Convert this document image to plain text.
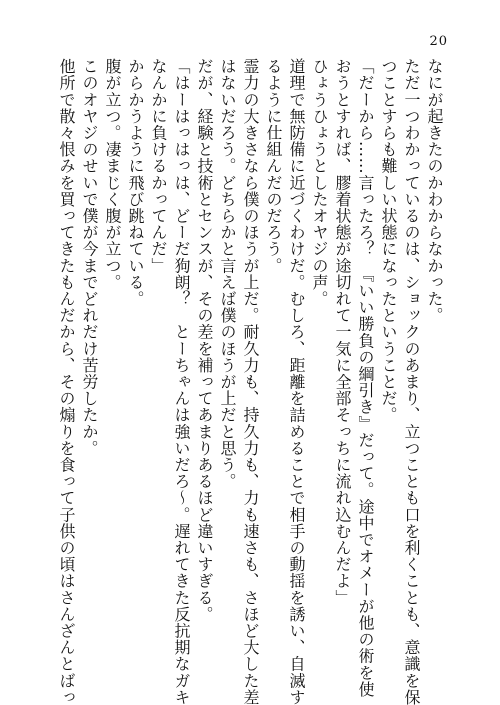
20
なにが起きたのかわからなかった。
ただ一つわかっているのは、ショックのあまり、立つことも口を利くことも、意識を保
つことすらも難しい状態になったということだ。
「だーから……言ったろ？　『いい勝負の綱引き』だって。途中でオメーが他の術を使
おうとすれば、膠着状態が途切れて一気に全部そっちに流れ込むんだよ」
ひょうひょうとしたオヤジの声。
道理で無防備に近づくわけだ。むしろ、距離を詰めることで相手の動揺を誘い、自滅す
るように仕組んだのだろう。
霊力の大きさなら僕のほうが上だ。耐久力も、持久力も、力も速さも、さほど大した差
はないだろう。どちらかと言えば僕のほうが上だと思う。
だが、経験と技術とセンスが、その差を補ってあまりあるほど違いすぎる。
「はーはっはっは、どーだ狗朗？　とーちゃんは強いだろ〜。遅れてきた反抗期なガキ
なんかに負けるかってんだ」
からかうように飛び跳ねている。
腹が立つ。凄まじく腹が立つ。
このオヤジのせいで僕が今までどれだけ苦労したか。
他所で散々恨みを買ってきたもんだから、その煽りを食って子供の頃はさんざんとばっ
